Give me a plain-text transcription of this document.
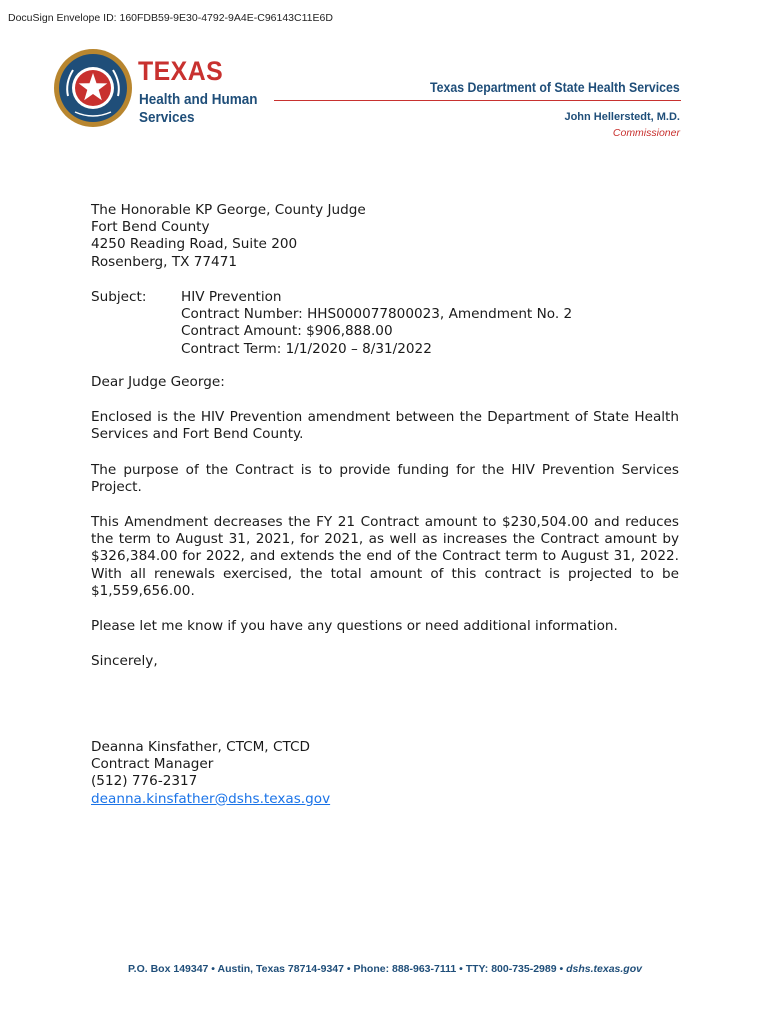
DocuSign Envelope ID: 160FDB59-9E30-4792-9A4E-C96143C11E6D
TEXAS
Health and Human
Services
Texas Department of State Health Services
John Hellerstedt, M.D.
Commissioner
The Honorable KP George, County Judge
Fort Bend County
4250 Reading Road, Suite 200
Rosenberg, TX 77471
Subject:	HIV Prevention
Contract Number: HHS000077800023, Amendment No. 2
Contract Amount: $906,888.00
Contract Term: 1/1/2020 – 8/31/2022
Dear Judge George:
Enclosed is the HIV Prevention amendment between the Department of State Health Services and Fort Bend County.
The purpose of the Contract is to provide funding for the HIV Prevention Services Project.
This Amendment decreases the FY 21 Contract amount to $230,504.00 and reduces the term to August 31, 2021, for 2021, as well as increases the Contract amount by $326,384.00 for 2022, and extends the end of the Contract term to August 31, 2022. With all renewals exercised, the total amount of this contract is projected to be $1,559,656.00.
Please let me know if you have any questions or need additional information.
Sincerely,
Deanna Kinsfather, CTCM, CTCD
Contract Manager
(512) 776-2317
deanna.kinsfather@dshs.texas.gov
P.O. Box 149347 • Austin, Texas 78714-9347 • Phone: 888-963-7111 • TTY: 800-735-2989 • dshs.texas.gov
